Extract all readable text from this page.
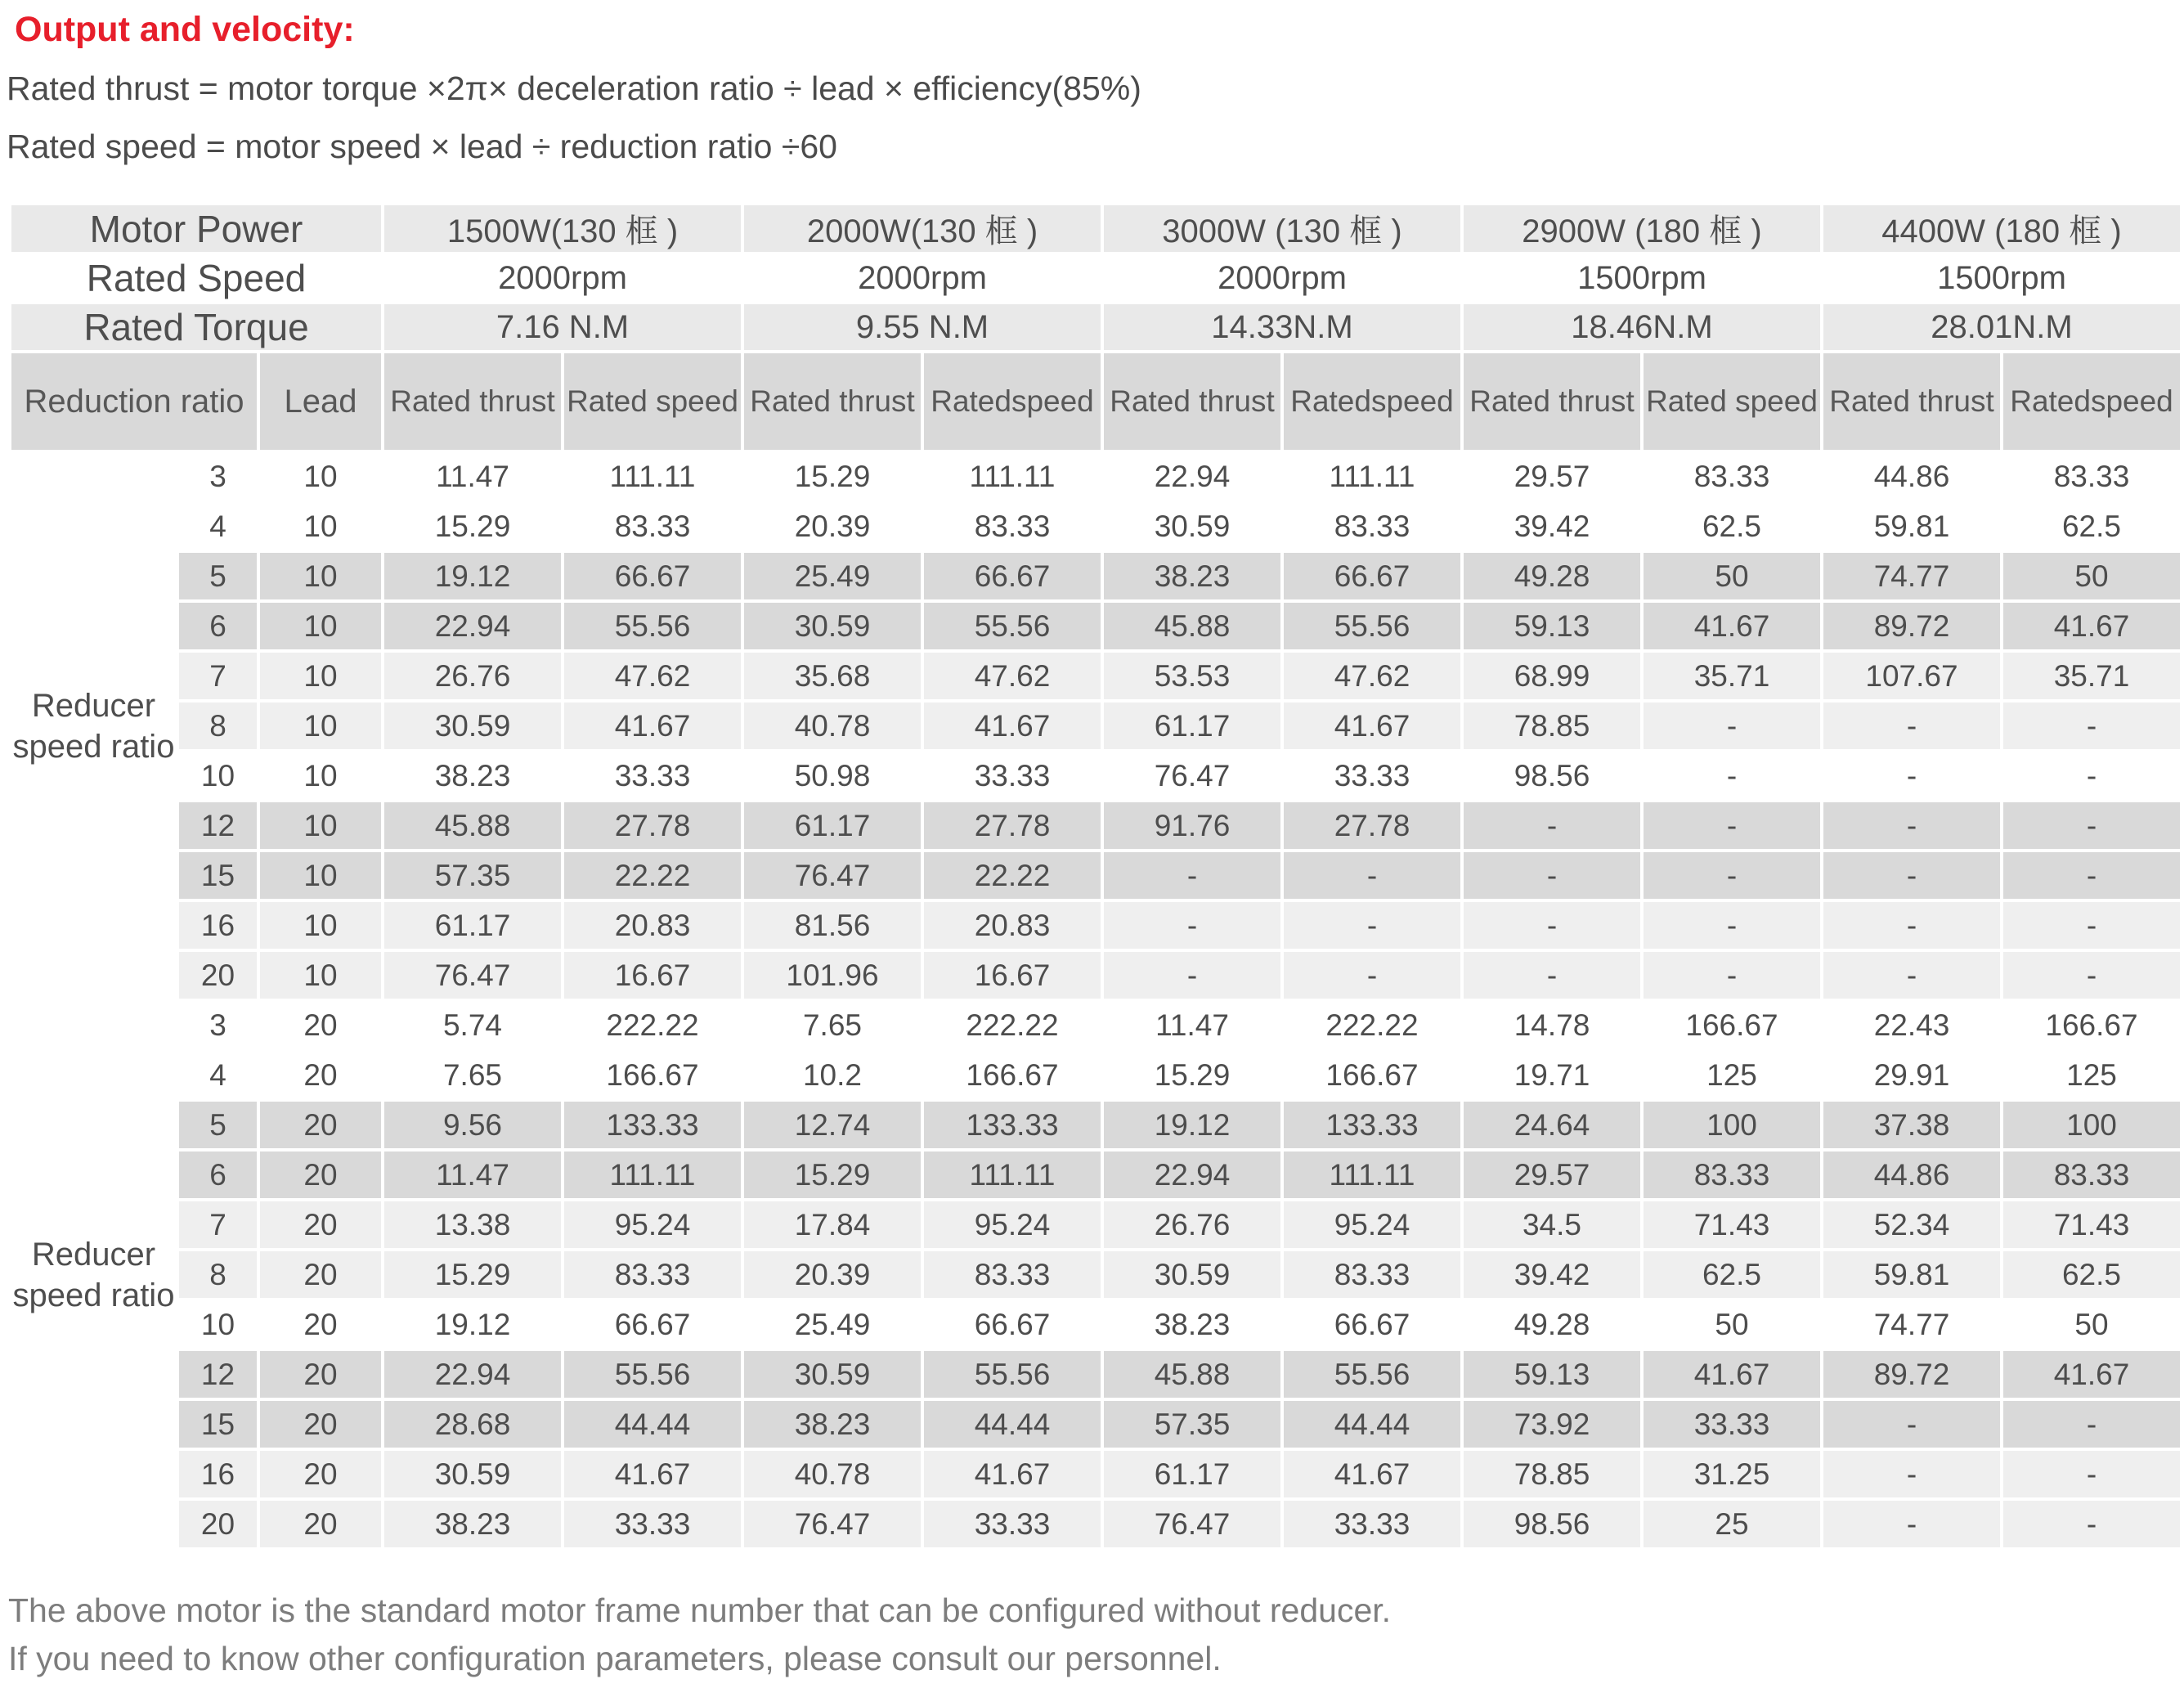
Output and velocity:
Rated thrust = motor torque ×2π× deceleration ratio ÷ lead × efficiency(85%)
Rated speed = motor speed × lead ÷ reduction ratio ÷60
Motor Power			1500W(130 框 )		2000W(130 框 )		3000W (130 框 )		2900W (180 框 )		4400W (180 框 )	
Rated Speed			2000rpm		2000rpm		2000rpm		1500rpm		1500rpm	
Rated Torque			7.16 N.M		9.55 N.M		14.33N.M		18.46N.M		28.01N.M	
Reduction ratio		Lead	Rated thrust	Rated speed	Rated thrust	Ratedspeed	Rated thrust	Ratedspeed	Rated thrust	Rated speed	Rated thrust	Ratedspeed
Reducer speed ratio	3	10	11.47	111.11	15.29	111.11	22.94	111.11	29.57	83.33	44.86	83.33
	4	10	15.29	83.33	20.39	83.33	30.59	83.33	39.42	62.5	59.81	62.5
	5	10	19.12	66.67	25.49	66.67	38.23	66.67	49.28	50	74.77	50
	6	10	22.94	55.56	30.59	55.56	45.88	55.56	59.13	41.67	89.72	41.67
	7	10	26.76	47.62	35.68	47.62	53.53	47.62	68.99	35.71	107.67	35.71
	8	10	30.59	41.67	40.78	41.67	61.17	41.67	78.85	-	-	-
	10	10	38.23	33.33	50.98	33.33	76.47	33.33	98.56	-	-	-
	12	10	45.88	27.78	61.17	27.78	91.76	27.78	-	-	-	-
	15	10	57.35	22.22	76.47	22.22	-	-	-	-	-	-
	16	10	61.17	20.83	81.56	20.83	-	-	-	-	-	-
	20	10	76.47	16.67	101.96	16.67	-	-	-	-	-	-
Reducer speed ratio	3	20	5.74	222.22	7.65	222.22	11.47	222.22	14.78	166.67	22.43	166.67
	4	20	7.65	166.67	10.2	166.67	15.29	166.67	19.71	125	29.91	125
	5	20	9.56	133.33	12.74	133.33	19.12	133.33	24.64	100	37.38	100
	6	20	11.47	111.11	15.29	111.11	22.94	111.11	29.57	83.33	44.86	83.33
	7	20	13.38	95.24	17.84	95.24	26.76	95.24	34.5	71.43	52.34	71.43
	8	20	15.29	83.33	20.39	83.33	30.59	83.33	39.42	62.5	59.81	62.5
	10	20	19.12	66.67	25.49	66.67	38.23	66.67	49.28	50	74.77	50
	12	20	22.94	55.56	30.59	55.56	45.88	55.56	59.13	41.67	89.72	41.67
	15	20	28.68	44.44	38.23	44.44	57.35	44.44	73.92	33.33	-	-
	16	20	30.59	41.67	40.78	41.67	61.17	41.67	78.85	31.25	-	-
	20	20	38.23	33.33	76.47	33.33	76.47	33.33	98.56	25	-	-

The above motor is the standard motor frame number that can be configured without reducer.

If you need to know other configuration parameters, please consult our personnel.
